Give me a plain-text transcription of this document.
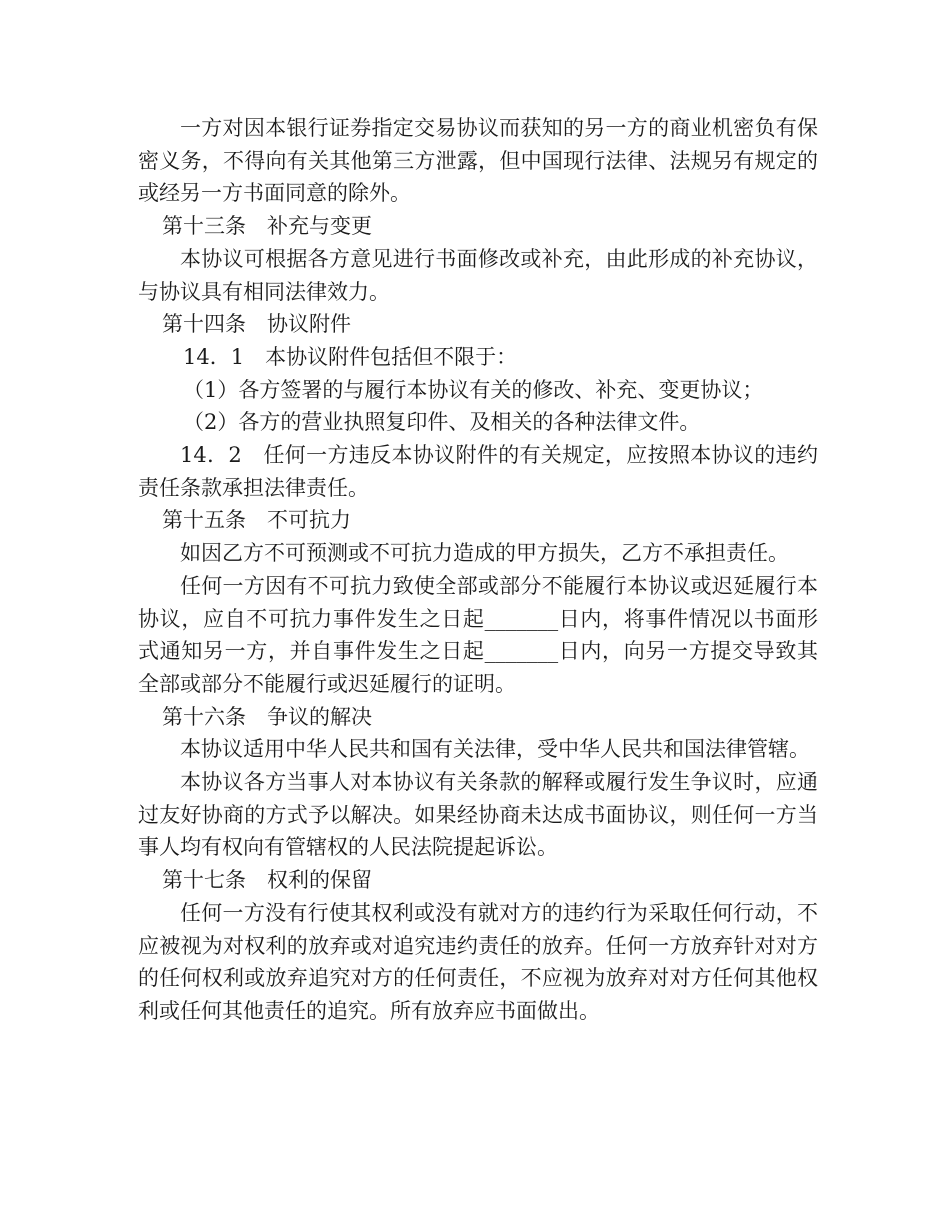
一方对因本银行证券指定交易协议而获知的另一方的商业机密负有保密义务，不得向有关其他第三方泄露，但中国现行法律、法规另有规定的或经另一方书面同意的除外。

第十三条　补充与变更

本协议可根据各方意见进行书面修改或补充，由此形成的补充协议，与协议具有相同法律效力。

第十四条　协议附件

14．1　本协议附件包括但不限于：

（1）各方签署的与履行本协议有关的修改、补充、变更协议；

（2）各方的营业执照复印件、及相关的各种法律文件。

14．2　任何一方违反本协议附件的有关规定，应按照本协议的违约责任条款承担法律责任。

第十五条　不可抗力

如因乙方不可预测或不可抗力造成的甲方损失，乙方不承担责任。

任何一方因有不可抗力致使全部或部分不能履行本协议或迟延履行本协议，应自不可抗力事件发生之日起_______日内，将事件情况以书面形式通知另一方，并自事件发生之日起_______日内，向另一方提交导致其全部或部分不能履行或迟延履行的证明。

第十六条　争议的解决

本协议适用中华人民共和国有关法律，受中华人民共和国法律管辖。

本协议各方当事人对本协议有关条款的解释或履行发生争议时，应通过友好协商的方式予以解决。如果经协商未达成书面协议，则任何一方当事人均有权向有管辖权的人民法院提起诉讼。

第十七条　权利的保留

任何一方没有行使其权利或没有就对方的违约行为采取任何行动，不应被视为对权利的放弃或对追究违约责任的放弃。任何一方放弃针对对方的任何权利或放弃追究对方的任何责任，不应视为放弃对对方任何其他权利或任何其他责任的追究。所有放弃应书面做出。
